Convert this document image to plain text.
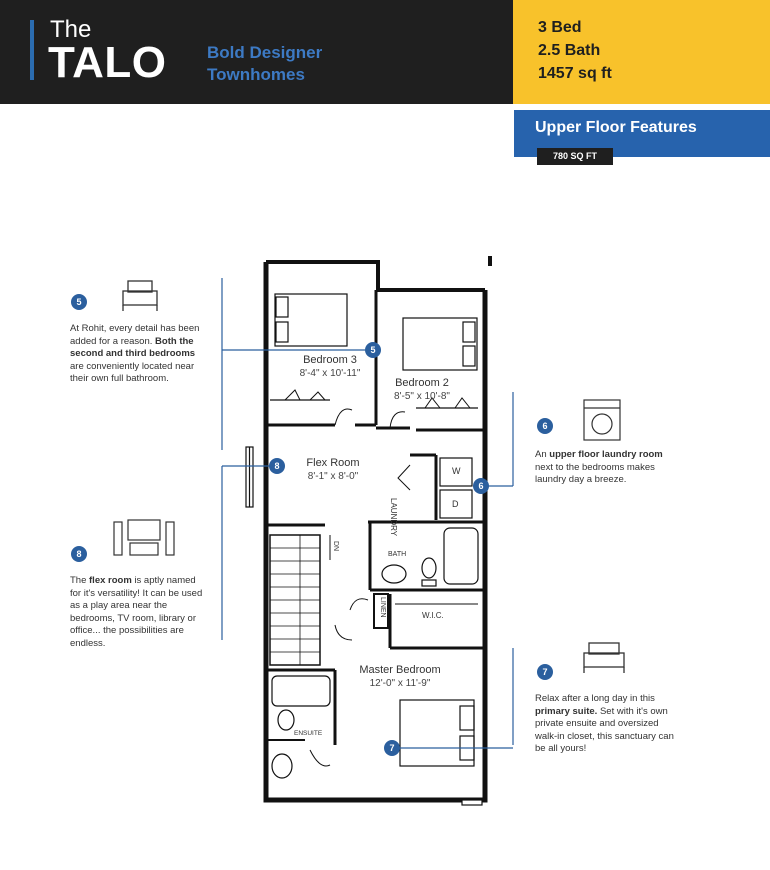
The
TALO Bold Designer
Townhomes
3 Bed
2.5 Bath
1457 sq ft
Upper Floor Features
780 SQ FT
Bedroom 3
8'-4" x 10'-11"
Bedroom 2
8'-5" x 10'-8"
Flex Room
8'-1" x 8'-0"
Master Bedroom
12'-0" x 11'-9"
LAUNDRY
W
D
BATH
LINEN	W.I.C.
ENSUITE
DN
5
8
6
7
5
At Rohit, every detail has been added for a reason. Both the second and third bedrooms are conveniently located near their own full bathroom.
8
The flex room is aptly named for it's versatility! It can be used as a play area near the bedrooms, TV room, library or office... the possibilities are endless.
6
An upper floor laundry room next to the bedrooms makes laundry day a breeze.
7
Relax after a long day in this primary suite. Set with it's own private ensuite and oversized walk-in closet, this sanctuary can be all yours!
